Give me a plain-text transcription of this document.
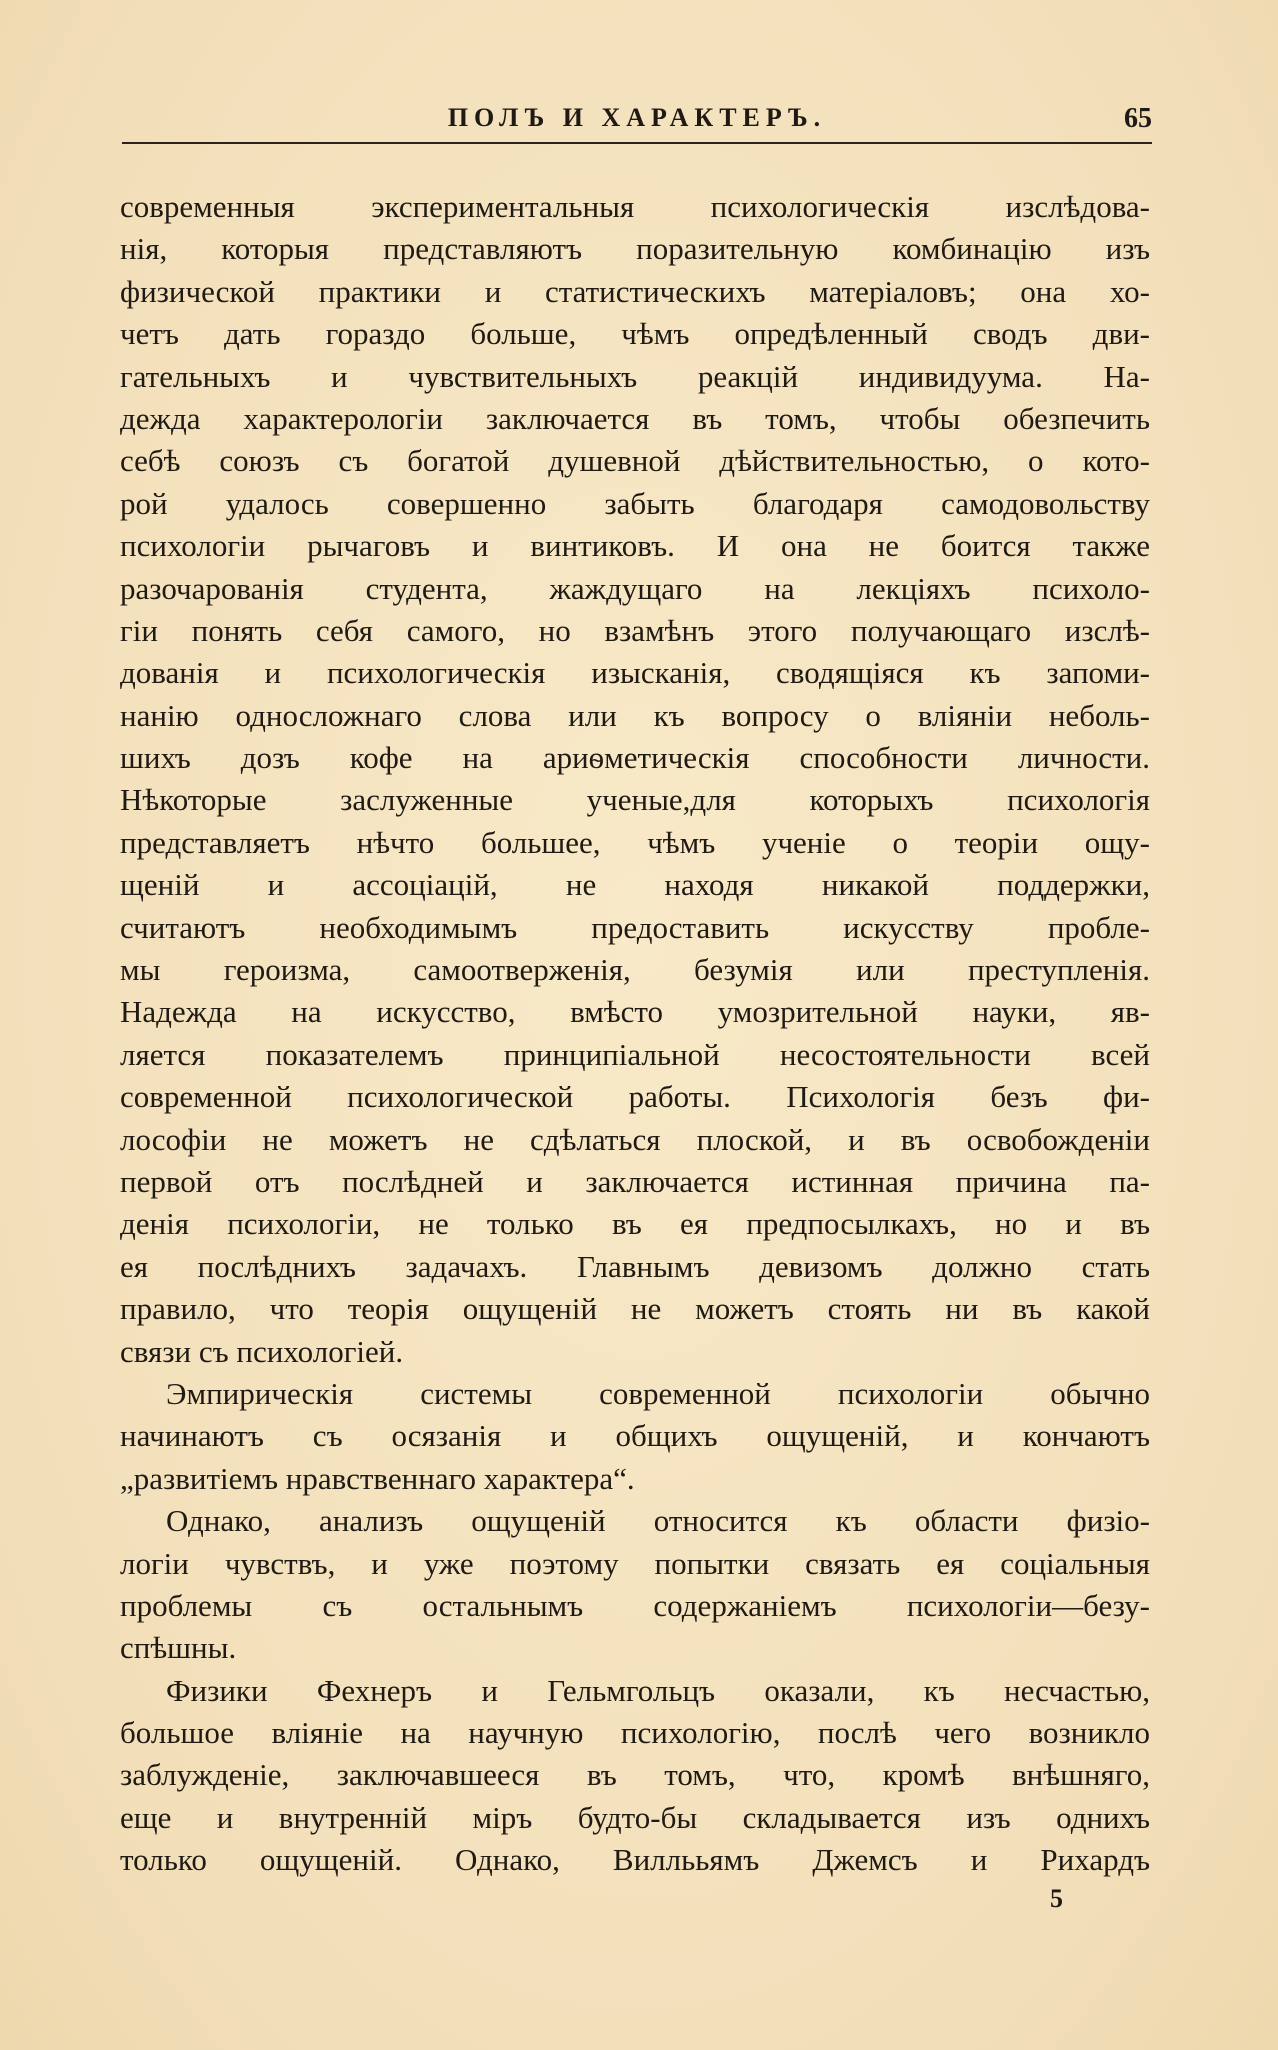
ПОЛЪ И ХАРАКТЕРЪ.	65
современныя экспериментальныя психологическія изслѣдова-
нія, которыя представляютъ поразительную комбинацію изъ
физической практики и статистическихъ матеріаловъ; она хо-
четъ дать гораздо больше, чѣмъ опредѣленный сводъ дви-
гательныхъ и чувствительныхъ реакцій индивидуума. На-
дежда характерологіи заключается въ томъ, чтобы обезпечить
себѣ союзъ съ богатой душевной дѣйствительностью, о кото-
рой удалось совершенно забыть благодаря самодовольству
психологіи рычаговъ и винтиковъ. И она не боится также
разочарованія студента, жаждущаго на лекціяхъ психоло-
гіи понять себя самого, но взамѣнъ этого получающаго изслѣ-
дованія и психологическія изысканія, сводящіяся къ запоми-
нанію односложнаго слова или къ вопросу о вліяніи неболь-
шихъ дозъ кофе на ариѳметическія способности личности.
Нѣкоторые заслуженные ученые,для которыхъ психологія
представляетъ нѣчто большее, чѣмъ ученіе о теоріи ощу-
щеній и ассоціацій, не находя никакой поддержки,
считаютъ необходимымъ предоставить искусству пробле-
мы героизма, самоотверженія, безумія или преступленія.
Надежда на искусство, вмѣсто умозрительной науки, яв-
ляется показателемъ принципіальной несостоятельности всей
современной психологической работы. Психологія безъ фи-
лософіи не можетъ не сдѣлаться плоской, и въ освобожденіи
первой отъ послѣдней и заключается истинная причина па-
денія психологіи, не только въ ея предпосылкахъ, но и въ
ея послѣднихъ задачахъ. Главнымъ девизомъ должно стать
правило, что теорія ощущеній не можетъ стоять ни въ какой
связи съ психологіей.
Эмпирическія системы современной психологіи обычно
начинаютъ съ осязанія и общихъ ощущеній, и кончаютъ
„развитіемъ нравственнаго характера“.
Однако, анализъ ощущеній относится къ области физіо-
логіи чувствъ, и уже поэтому попытки связать ея соціальныя
проблемы съ остальнымъ содержаніемъ психологіи—безу-
спѣшны.
Физики Фехнеръ и Гельмгольцъ оказали, къ несчастью,
большое вліяніе на научную психологію, послѣ чего возникло
заблужденіе, заключавшееся въ томъ, что, кромѣ внѣшняго,
еще и внутренній міръ будто-бы складывается изъ однихъ
только ощущеній. Однако, Виллььямъ Джемсъ и Рихардъ
5
